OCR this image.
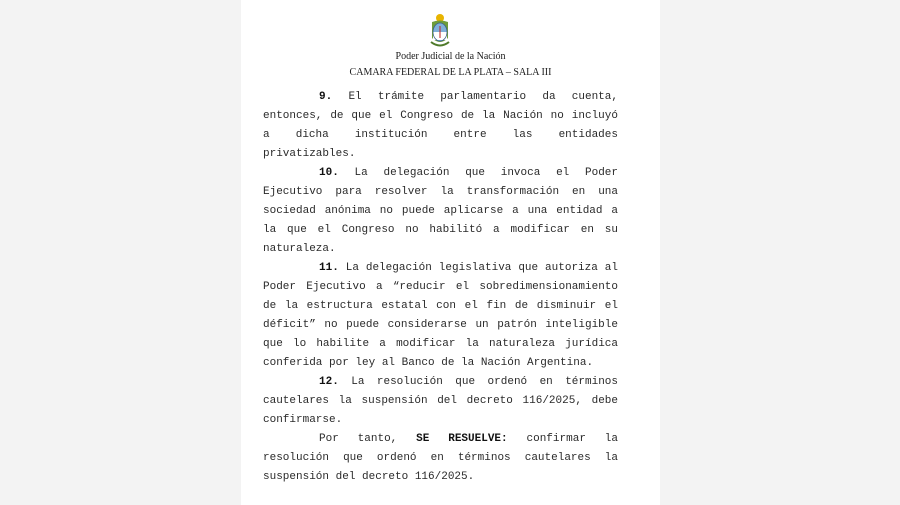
Poder Judicial de la Nación
CAMARA FEDERAL DE LA PLATA – SALA III

9. El trámite parlamentario da cuenta, entonces, de que el Congreso de la Nación no incluyó a dicha institución entre las entidades privatizables.

10. La delegación que invoca el Poder Ejecutivo para resolver la transformación en una sociedad anónima no puede aplicarse a una entidad a la que el Congreso no habilitó a modificar en su naturaleza.

11. La delegación legislativa que autoriza al Poder Ejecutivo a “reducir el sobredimensionamiento de la estructura estatal con el fin de disminuir el déficit” no puede considerarse un patrón inteligible que lo habilite a modificar la naturaleza jurídica conferida por ley al Banco de la Nación Argentina.

12. La resolución que ordenó en términos cautelares la suspensión del decreto 116/2025, debe confirmarse.

Por tanto, SE RESUELVE: confirmar la resolución que ordenó en términos cautelares la suspensión del decreto 116/2025.
